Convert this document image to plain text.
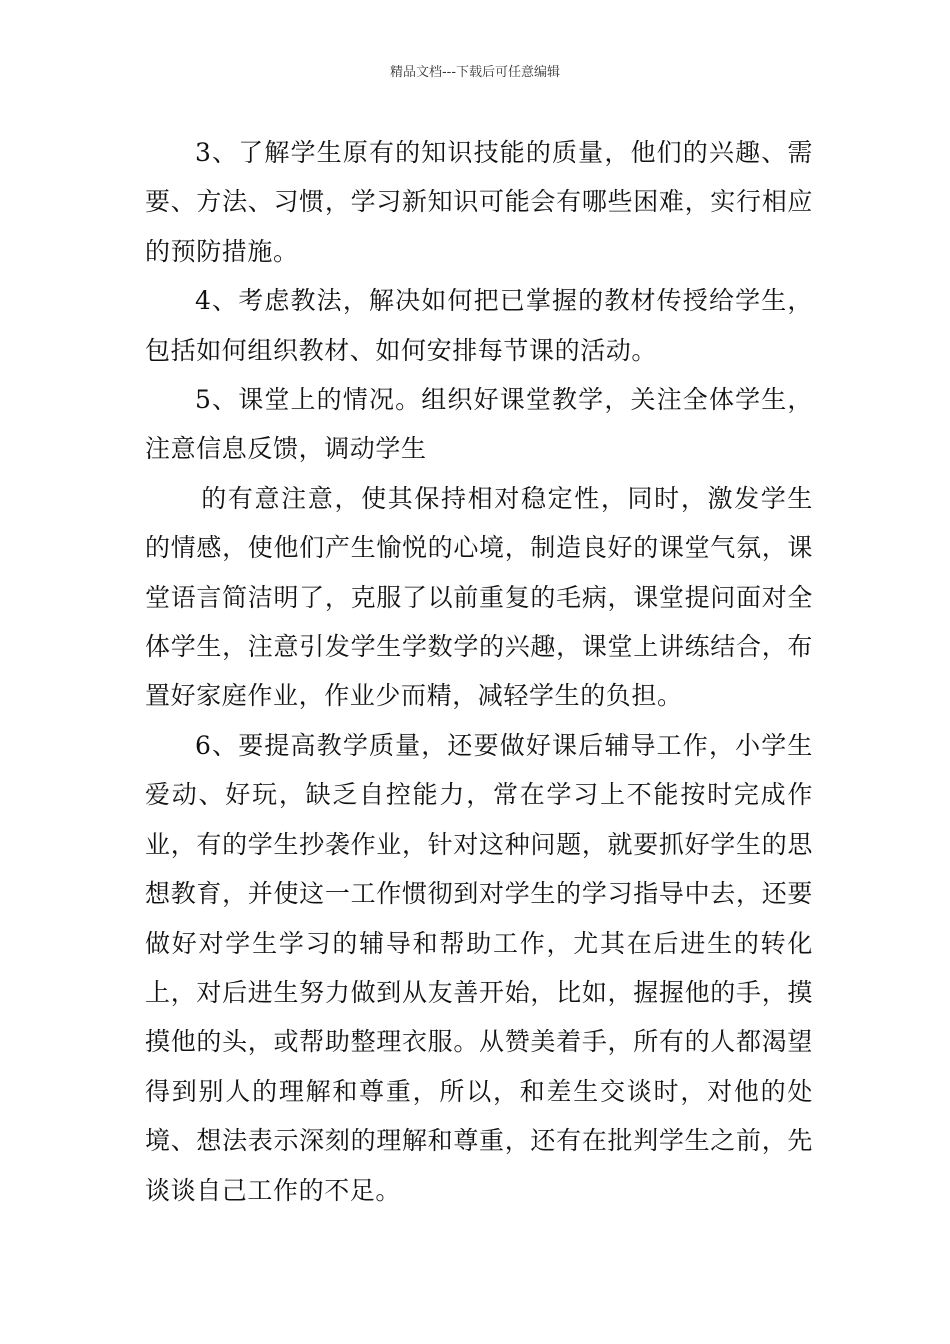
精品文档---下载后可任意编辑

3、了解学生原有的知识技能的质量，他们的兴趣、需要、方法、习惯，学习新知识可能会有哪些困难，实行相应的预防措施。

4、考虑教法，解决如何把已掌握的教材传授给学生，包括如何组织教材、如何安排每节课的活动。

5、课堂上的情况。组织好课堂教学，关注全体学生，注意信息反馈，调动学生

的有意注意，使其保持相对稳定性，同时，激发学生的情感，使他们产生愉悦的心境，制造良好的课堂气氛，课堂语言简洁明了，克服了以前重复的毛病，课堂提问面对全体学生，注意引发学生学数学的兴趣，课堂上讲练结合，布置好家庭作业，作业少而精，减轻学生的负担。

6、要提高教学质量，还要做好课后辅导工作，小学生爱动、好玩，缺乏自控能力，常在学习上不能按时完成作业，有的学生抄袭作业，针对这种问题，就要抓好学生的思想教育，并使这一工作惯彻到对学生的学习指导中去，还要做好对学生学习的辅导和帮助工作，尤其在后进生的转化上，对后进生努力做到从友善开始，比如，握握他的手，摸摸他的头，或帮助整理衣服。从赞美着手，所有的人都渴望得到别人的理解和尊重，所以，和差生交谈时，对他的处境、想法表示深刻的理解和尊重，还有在批判学生之前，先谈谈自己工作的不足。
